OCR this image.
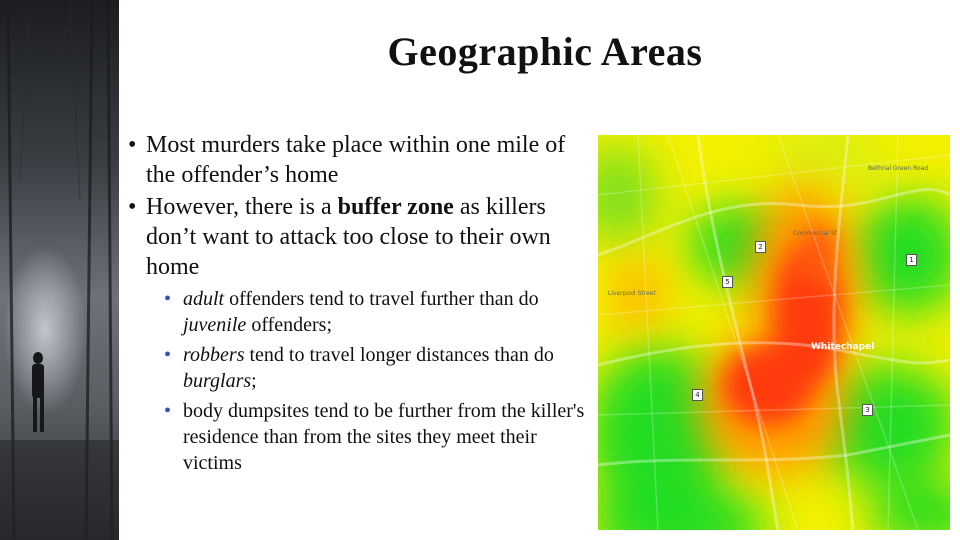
Geographic Areas
• Most murders take place within one mile of the offender’s home
• However, there is a buffer zone as killers don’t want to attack too close to their own home
• adult offenders tend to travel further than do juvenile offenders;
• robbers tend to travel longer distances than do burglars;
• body dumpsites tend to be further from the killer's residence than from the sites they meet their victims
Liverpool Street
Bethnal Green Road
Commercial St
Whitechapel
1
2
3
4
5
